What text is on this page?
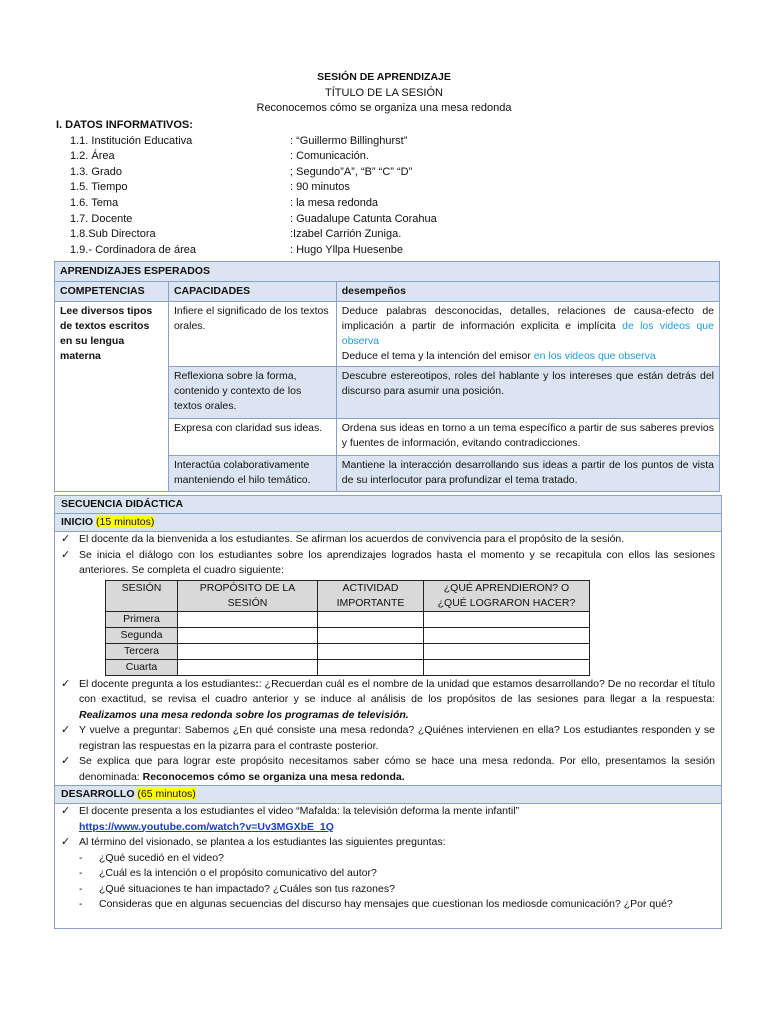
SESIÓN DE APRENDIZAJE
TÍTULO DE LA SESIÓN
Reconocemos cómo se organiza una mesa redonda
I. DATOS INFORMATIVOS:
1.1. Institución Educativa	: “Guillermo Billinghurst”
1.2. Área	: Comunicación.
1.3. Grado	; Segundo”A”, “B” “C” “D”
1.5. Tiempo	: 90 minutos
1.6. Tema	: la mesa redonda
1.7. Docente	: Guadalupe Catunta Corahua
1.8.Sub Directora	:Izabel Carrión Zuniga.
1.9.- Cordinadora de área	: Hugo Yllpa Huesenbe
APRENDIZAJES ESPERADOS		
COMPETENCIAS	CAPACIDADES	desempeños
Lee diversos tipos de textos escritos en su lengua materna	Infiere el significado de los textos orales.	Deduce palabras desconocidas, detalles, relaciones de causa-efecto de implicación a partir de información explicita e implícita de los videos que observa
Deduce el tema y la intención del emisor en los videos que observa
	Reflexiona sobre la forma, contenido y contexto de los textos orales.	Descubre estereotipos, roles del hablante y los intereses que están detrás del discurso para asumir una posición.
	Expresa con claridad sus ideas.	Ordena sus ideas en torno a un tema específico a partir de sus saberes previos y fuentes de información, evitando contradicciones.
	Interactúa colaborativamente manteniendo el hilo temático.	Mantiene la interacción desarrollando sus ideas a partir de los puntos de vista de su interlocutor para profundizar el tema tratado.
SECUENCIA DIDÁCTICA
INICIO (15 minutos)
✓ El docente da la bienvenida a los estudiantes. Se afirman los acuerdos de convivencia para el propósito de la sesión.
✓ Se inicia el diálogo con los estudiantes sobre los aprendizajes logrados hasta el momento y se recapitula con ellos las sesiones anteriores. Se completa el cuadro siguiente:
SESIÓN	PROPÓSITO DE LA SESIÓN	ACTIVIDAD IMPORTANTE	¿QUÉ APRENDIERON? O ¿QUÉ LOGRARON HACER?
Primera			
Segunda			
Tercera			
Cuarta			
✓ El docente pregunta a los estudiantes:: ¿Recuerdan cuál es el nombre de la unidad que estamos desarrollando? De no recordar el título con exactitud, se revisa el cuadro anterior y se induce al análisis de los propósitos de las sesiones para llegar a la respuesta: Realizamos una mesa redonda sobre los programas de televisión.
✓ Y vuelve a preguntar: Sabemos ¿En qué consiste una mesa redonda? ¿Quiénes intervienen en ella? Los estudiantes responden y se registran las respuestas en la pizarra para el contraste posterior.
✓ Se explica que para lograr este propósito necesitamos saber cómo se hace una mesa redonda. Por ello, presentamos la sesión denominada: Reconocemos cómo se organiza una mesa redonda.
DESARROLLO (65 minutos)
✓ El docente presenta a los estudiantes el video “Mafalda: la televisión deforma la mente infantil”
https://www.youtube.com/watch?v=Uv3MGXbE_1Q
✓ Al término del visionado, se plantea a los estudiantes las siguientes preguntas:
-	¿Qué sucedió en el video?
-	¿Cuál es la intención o el propósito comunicativo del autor?
-	¿Qué situaciones te han impactado? ¿Cuáles son tus razones?
-	Consideras que en algunas secuencias del discurso hay mensajes que cuestionan los mediosde comunicación? ¿Por qué?
